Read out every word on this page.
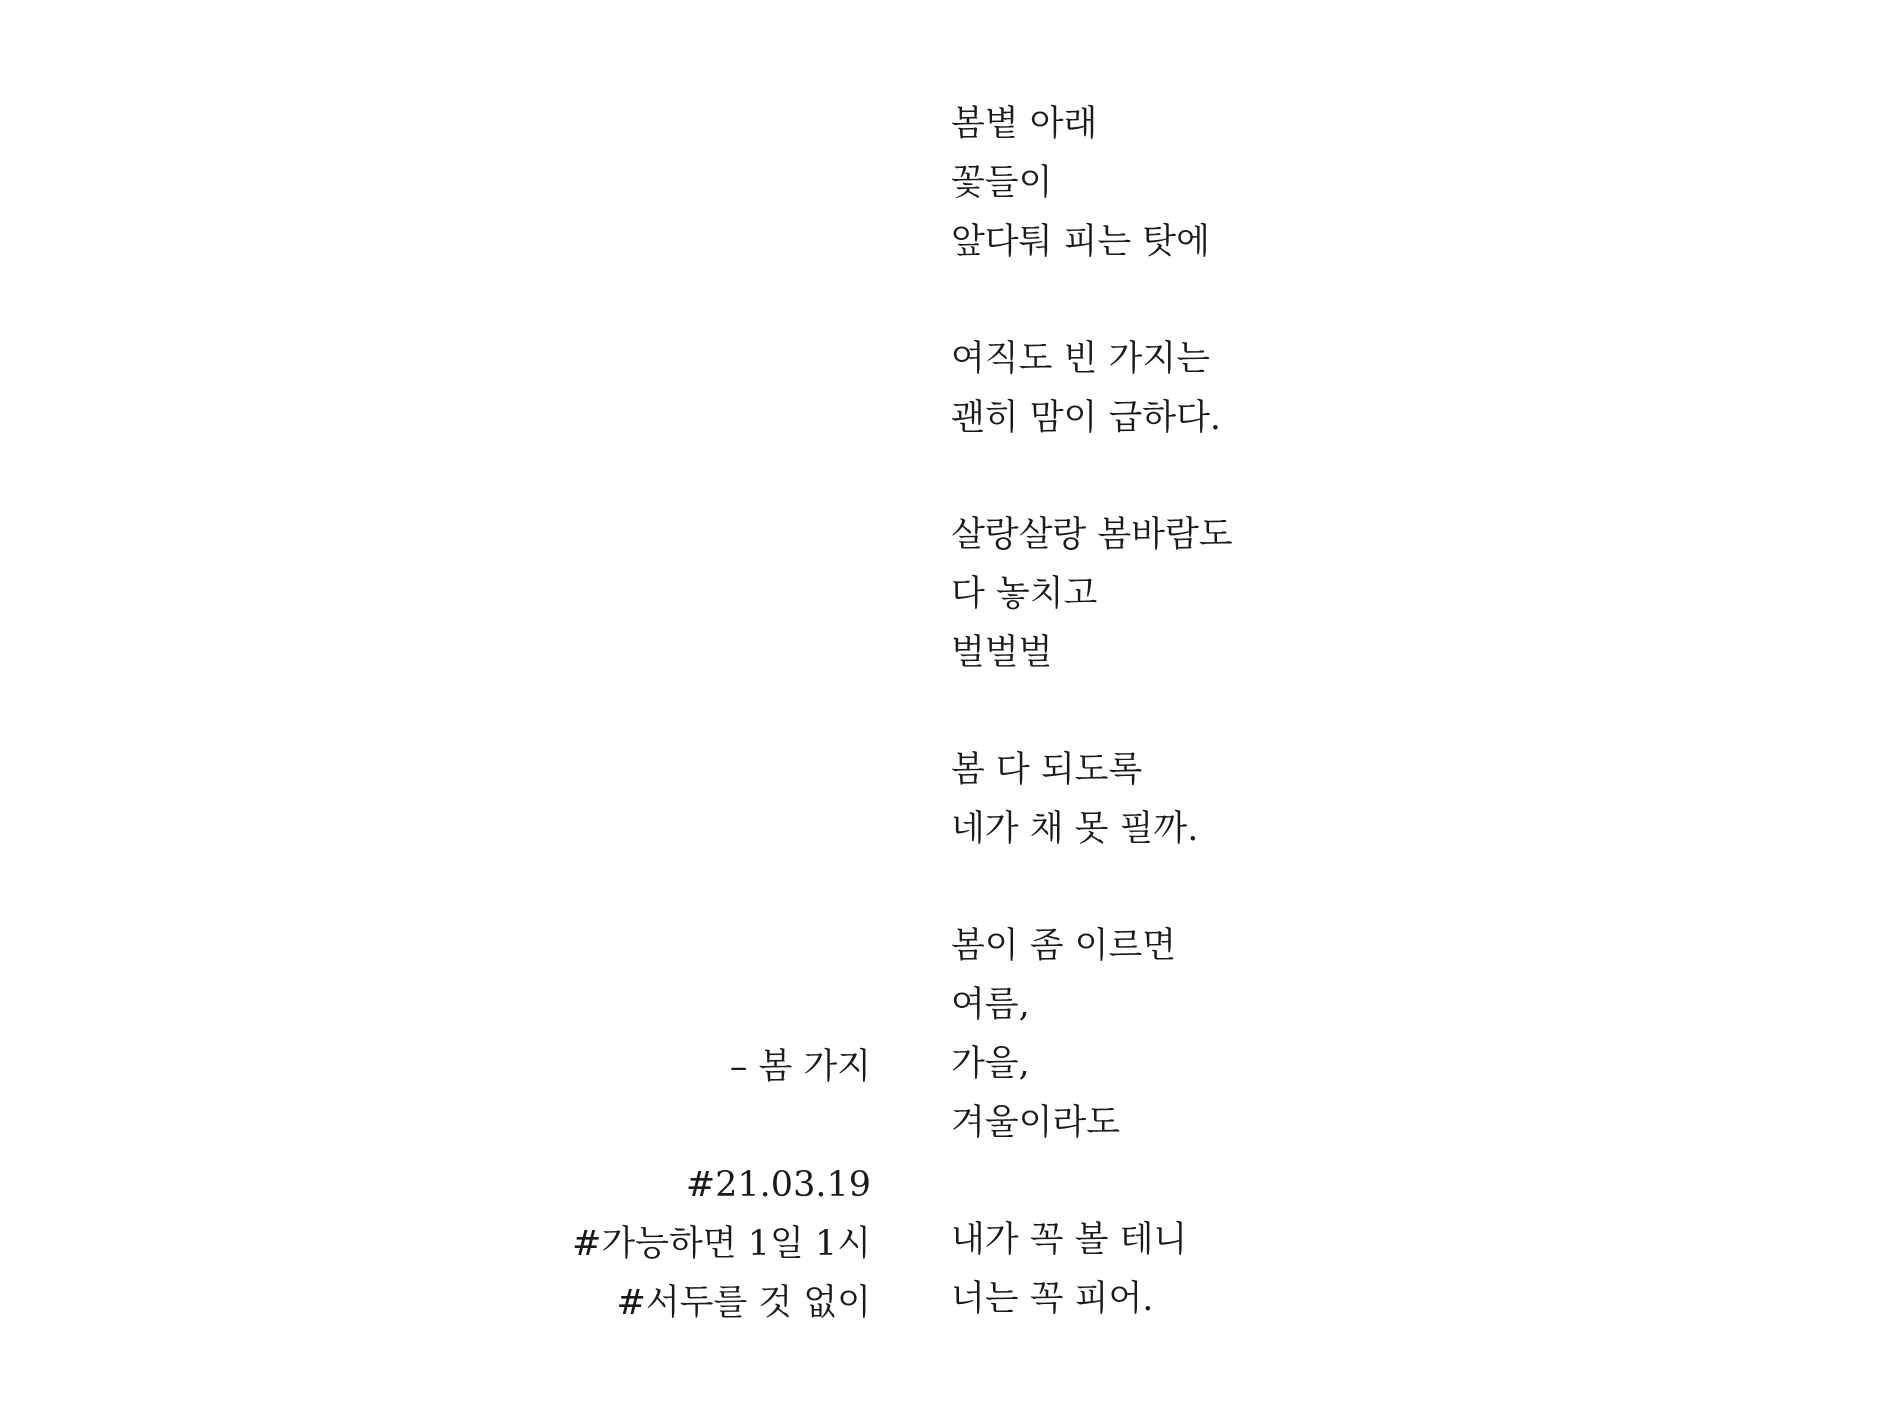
봄볕 아래
꽃들이
앞다퉈 피는 탓에
여직도 빈 가지는
괜히 맘이 급하다.
살랑살랑 봄바람도
다 놓치고
벌벌벌
봄 다 되도록
네가 채 못 필까.
봄이 좀 이르면
여름,
가을,
겨울이라도
내가 꼭 볼 테니
너는 꼭 피어.
– 봄 가지
#21.03.19
#가능하면 1일 1시
#서두를 것 없이
